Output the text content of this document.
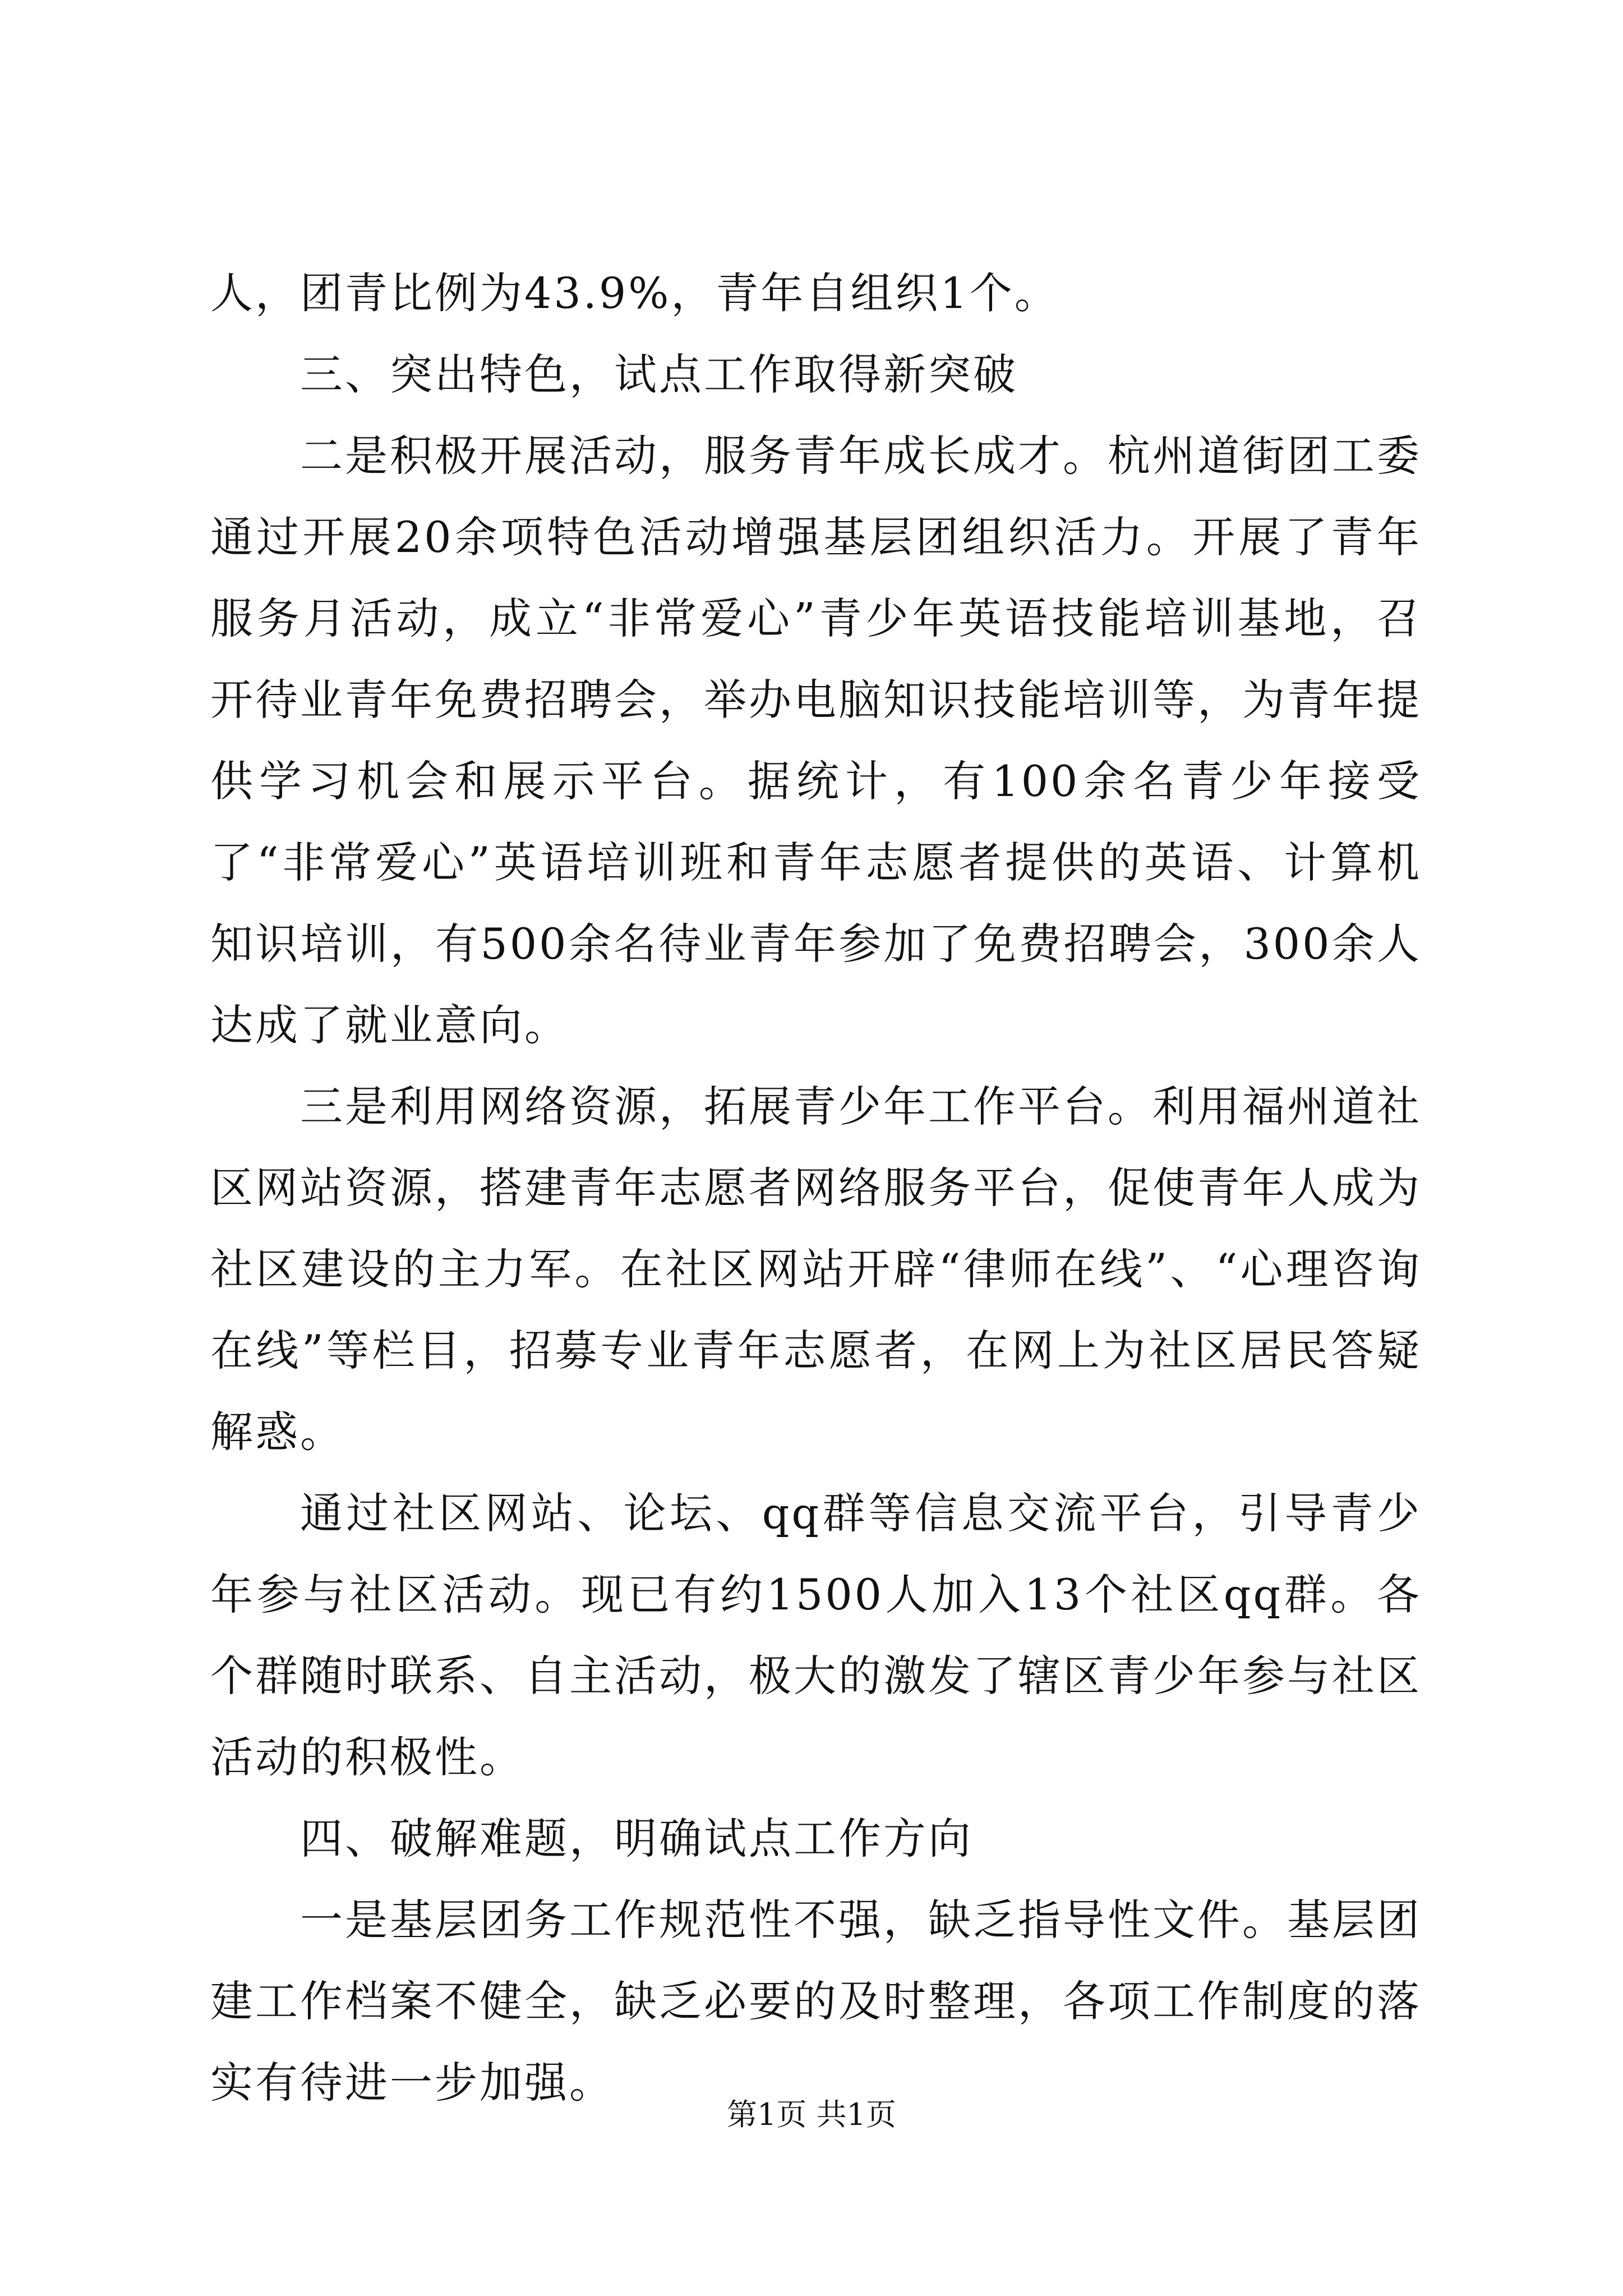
人，团青比例为43.9%，青年自组织1个。

三、突出特色，试点工作取得新突破

二是积极开展活动，服务青年成长成才。杭州道街团工委通过开展20余项特色活动增强基层团组织活力。开展了青年服务月活动，成立“非常爱心”青少年英语技能培训基地，召开待业青年免费招聘会，举办电脑知识技能培训等，为青年提供学习机会和展示平台。据统计，有100余名青少年接受了“非常爱心”英语培训班和青年志愿者提供的英语、计算机知识培训，有500余名待业青年参加了免费招聘会，300余人达成了就业意向。

三是利用网络资源，拓展青少年工作平台。利用福州道社区网站资源，搭建青年志愿者网络服务平台，促使青年人成为社区建设的主力军。在社区网站开辟“律师在线”、“心理咨询在线”等栏目，招募专业青年志愿者，在网上为社区居民答疑解惑。

通过社区网站、论坛、qq群等信息交流平台，引导青少年参与社区活动。现已有约1500人加入13个社区qq群。各个群随时联系、自主活动，极大的激发了辖区青少年参与社区活动的积极性。

四、破解难题，明确试点工作方向

一是基层团务工作规范性不强，缺乏指导性文件。基层团建工作档案不健全，缺乏必要的及时整理，各项工作制度的落实有待进一步加强。

第1页 共1页
